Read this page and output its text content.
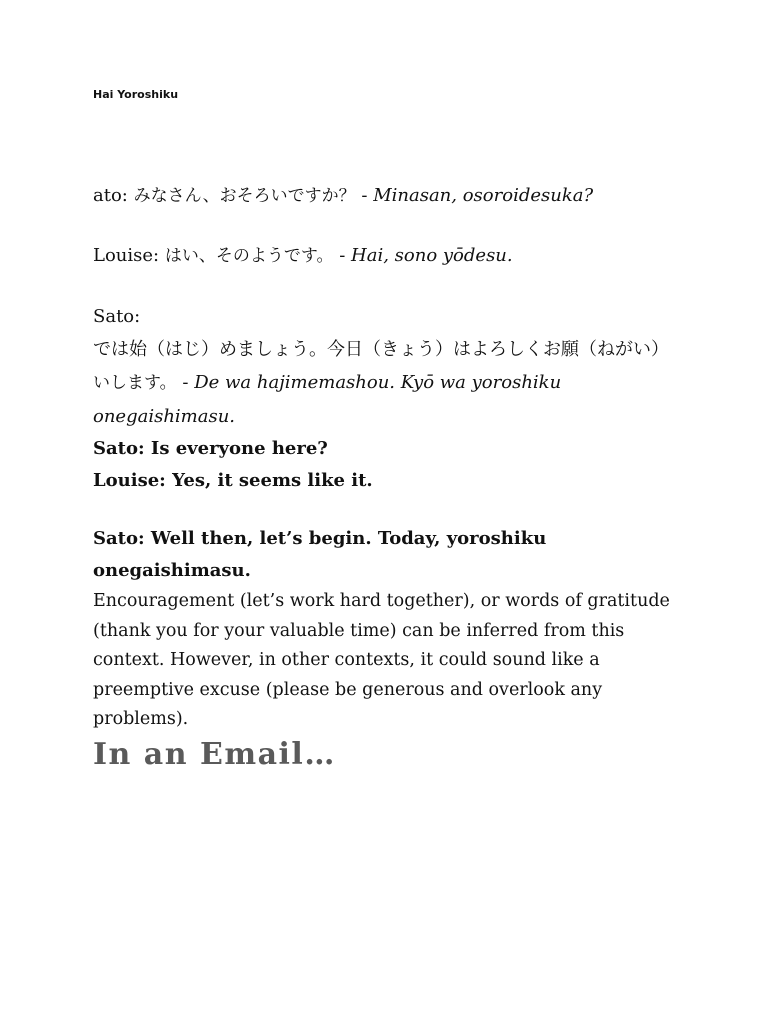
Hai Yoroshiku

ato: みなさん、おそろいですか？ - Minasan, osoroidesuka?

Louise: はい、そのようです。 - Hai, sono yōdesu.

Sato:

では始（はじ）めましょう。今日（きょう）はよろしくお願（ねがい）

いします。 - De wa hajimemashou. Kyō wa yoroshiku

onegaishimasu.

Sato: Is everyone here?

Louise: Yes, it seems like it.

Sato: Well then, let’s begin. Today, yoroshiku

onegaishimasu.

Encouragement (let’s work hard together), or words of gratitude (thank you for your valuable time) can be inferred from this context. However, in other contexts, it could sound like a preemptive excuse (please be generous and overlook any problems).

In an Email…
